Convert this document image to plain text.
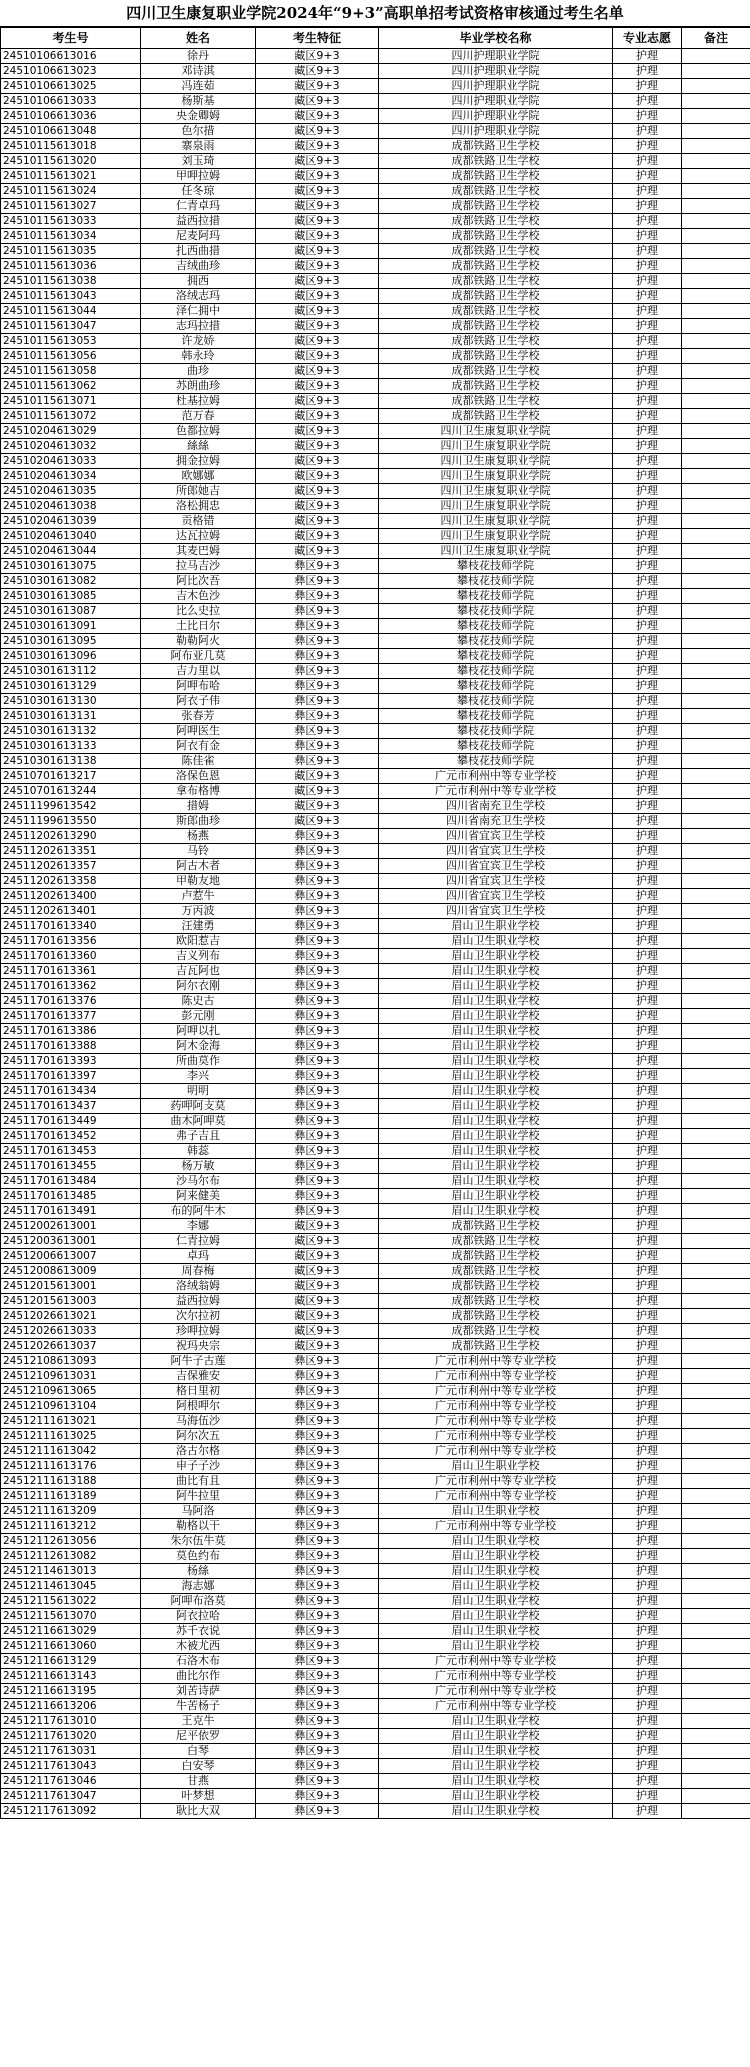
四川卫生康复职业学院2024年“9+3”高职单招考试资格审核通过考生名单
考生号	姓名	考生特征	毕业学校名称	专业志愿	备注
24510106613016	徐丹	藏区9+3	四川护理职业学院	护理	
24510106613023	邓诗淇	藏区9+3	四川护理职业学院	护理	
24510106613025	冯连茹	藏区9+3	四川护理职业学院	护理	
24510106613033	杨斯基	藏区9+3	四川护理职业学院	护理	
24510106613036	央金卿姆	藏区9+3	四川护理职业学院	护理	
24510106613048	色尔措	藏区9+3	四川护理职业学院	护理	
24510115613018	寨泉雨	藏区9+3	成都铁路卫生学校	护理	
24510115613020	刘玉琦	藏区9+3	成都铁路卫生学校	护理	
24510115613021	甲呷拉姆	藏区9+3	成都铁路卫生学校	护理	
24510115613024	任冬琼	藏区9+3	成都铁路卫生学校	护理	
24510115613027	仁青卓玛	藏区9+3	成都铁路卫生学校	护理	
24510115613033	益西拉措	藏区9+3	成都铁路卫生学校	护理	
24510115613034	尼麦阿玛	藏区9+3	成都铁路卫生学校	护理	
24510115613035	扎西曲措	藏区9+3	成都铁路卫生学校	护理	
24510115613036	吉绒曲珍	藏区9+3	成都铁路卫生学校	护理	
24510115613038	拥西	藏区9+3	成都铁路卫生学校	护理	
24510115613043	洛绒志玛	藏区9+3	成都铁路卫生学校	护理	
24510115613044	泽仁拥中	藏区9+3	成都铁路卫生学校	护理	
24510115613047	志玛拉措	藏区9+3	成都铁路卫生学校	护理	
24510115613053	许龙娇	藏区9+3	成都铁路卫生学校	护理	
24510115613056	韩永玲	藏区9+3	成都铁路卫生学校	护理	
24510115613058	曲珍	藏区9+3	成都铁路卫生学校	护理	
24510115613062	苏朗曲珍	藏区9+3	成都铁路卫生学校	护理	
24510115613071	杜基拉姆	藏区9+3	成都铁路卫生学校	护理	
24510115613072	范万春	藏区9+3	成都铁路卫生学校	护理	
24510204613029	色都拉姆	藏区9+3	四川卫生康复职业学院	护理	
24510204613032	絲絲	藏区9+3	四川卫生康复职业学院	护理	
24510204613033	拥金拉姆	藏区9+3	四川卫生康复职业学院	护理	
24510204613034	欧娜娜	藏区9+3	四川卫生康复职业学院	护理	
24510204613035	所郎她吉	藏区9+3	四川卫生康复职业学院	护理	
24510204613038	洛松拥忠	藏区9+3	四川卫生康复职业学院	护理	
24510204613039	贡格错	藏区9+3	四川卫生康复职业学院	护理	
24510204613040	达瓦拉姆	藏区9+3	四川卫生康复职业学院	护理	
24510204613044	其麦巴姆	藏区9+3	四川卫生康复职业学院	护理	
24510301613075	拉马吉沙	彝区9+3	攀枝花技师学院	护理	
24510301613082	阿比次吾	彝区9+3	攀枝花技师学院	护理	
24510301613085	吉木色沙	彝区9+3	攀枝花技师学院	护理	
24510301613087	比么史拉	彝区9+3	攀枝花技师学院	护理	
24510301613091	土比日尔	彝区9+3	攀枝花技师学院	护理	
24510301613095	勒勒阿火	彝区9+3	攀枝花技师学院	护理	
24510301613096	阿布亚几莫	彝区9+3	攀枝花技师学院	护理	
24510301613112	吉力里以	彝区9+3	攀枝花技师学院	护理	
24510301613129	阿呷布哈	彝区9+3	攀枝花技师学院	护理	
24510301613130	阿衣子伟	彝区9+3	攀枝花技师学院	护理	
24510301613131	张春芳	彝区9+3	攀枝花技师学院	护理	
24510301613132	阿呷医生	彝区9+3	攀枝花技师学院	护理	
24510301613133	阿衣有金	彝区9+3	攀枝花技师学院	护理	
24510301613138	陈佳雀	彝区9+3	攀枝花技师学院	护理	
24510701613217	洛保色恩	藏区9+3	广元市利州中等专业学校	护理	
24510701613244	拿布格博	藏区9+3	广元市利州中等专业学校	护理	
24511199613542	措姆	藏区9+3	四川省南充卫生学校	护理	
24511199613550	斯郎曲珍	藏区9+3	四川省南充卫生学校	护理	
24511202613290	杨燕	彝区9+3	四川省宜宾卫生学校	护理	
24511202613351	马铃	彝区9+3	四川省宜宾卫生学校	护理	
24511202613357	阿古木者	彝区9+3	四川省宜宾卫生学校	护理	
24511202613358	甲勒友地	彝区9+3	四川省宜宾卫生学校	护理	
24511202613400	卢惹牛	彝区9+3	四川省宜宾卫生学校	护理	
24511202613401	万丙波	彝区9+3	四川省宜宾卫生学校	护理	
24511701613340	汪建勇	彝区9+3	眉山卫生职业学校	护理	
24511701613356	欧阳惹吉	彝区9+3	眉山卫生职业学校	护理	
24511701613360	吉义列布	彝区9+3	眉山卫生职业学校	护理	
24511701613361	吉瓦阿也	彝区9+3	眉山卫生职业学校	护理	
24511701613362	阿尔衣刚	彝区9+3	眉山卫生职业学校	护理	
24511701613376	陈史古	彝区9+3	眉山卫生职业学校	护理	
24511701613377	彭元刚	彝区9+3	眉山卫生职业学校	护理	
24511701613386	阿呷以扎	彝区9+3	眉山卫生职业学校	护理	
24511701613388	阿木金海	彝区9+3	眉山卫生职业学校	护理	
24511701613393	所曲莫作	彝区9+3	眉山卫生职业学校	护理	
24511701613397	李兴	彝区9+3	眉山卫生职业学校	护理	
24511701613434	明明	彝区9+3	眉山卫生职业学校	护理	
24511701613437	药呷阿支莫	彝区9+3	眉山卫生职业学校	护理	
24511701613449	曲木阿呷莫	彝区9+3	眉山卫生职业学校	护理	
24511701613452	弗子吉且	彝区9+3	眉山卫生职业学校	护理	
24511701613453	韩蕊	彝区9+3	眉山卫生职业学校	护理	
24511701613455	杨万敏	彝区9+3	眉山卫生职业学校	护理	
24511701613484	沙马尔布	彝区9+3	眉山卫生职业学校	护理	
24511701613485	阿来健美	彝区9+3	眉山卫生职业学校	护理	
24511701613491	布的阿牛木	彝区9+3	眉山卫生职业学校	护理	
24512002613001	李娜	藏区9+3	成都铁路卫生学校	护理	
24512003613001	仁青拉姆	藏区9+3	成都铁路卫生学校	护理	
24512006613007	卓玛	藏区9+3	成都铁路卫生学校	护理	
24512008613009	周春梅	藏区9+3	成都铁路卫生学校	护理	
24512015613001	洛绒翁姆	藏区9+3	成都铁路卫生学校	护理	
24512015613003	益西拉姆	藏区9+3	成都铁路卫生学校	护理	
24512026613021	次尔拉初	藏区9+3	成都铁路卫生学校	护理	
24512026613033	珍呷拉姆	藏区9+3	成都铁路卫生学校	护理	
24512026613037	祝玛央宗	藏区9+3	成都铁路卫生学校	护理	
24512108613093	阿牛子古莲	彝区9+3	广元市利州中等专业学校	护理	
24512109613031	吉保雅安	彝区9+3	广元市利州中等专业学校	护理	
24512109613065	格日里初	彝区9+3	广元市利州中等专业学校	护理	
24512109613104	阿根呷尔	彝区9+3	广元市利州中等专业学校	护理	
24512111613021	马海伍沙	彝区9+3	广元市利州中等专业学校	护理	
24512111613025	阿尔次五	彝区9+3	广元市利州中等专业学校	护理	
24512111613042	洛古尔格	彝区9+3	广元市利州中等专业学校	护理	
24512111613176	申子子沙	彝区9+3	眉山卫生职业学校	护理	
24512111613188	曲比有且	彝区9+3	广元市利州中等专业学校	护理	
24512111613189	阿牛拉里	彝区9+3	广元市利州中等专业学校	护理	
24512111613209	马阿洛	彝区9+3	眉山卫生职业学校	护理	
24512111613212	勒格以干	彝区9+3	广元市利州中等专业学校	护理	
24512112613056	朱尔伍牛莫	彝区9+3	眉山卫生职业学校	护理	
24512112613082	莫色约布	彝区9+3	眉山卫生职业学校	护理	
24512114613013	杨絲	彝区9+3	眉山卫生职业学校	护理	
24512114613045	海志娜	彝区9+3	眉山卫生职业学校	护理	
24512115613022	阿呷布洛莫	彝区9+3	眉山卫生职业学校	护理	
24512115613070	阿衣拉哈	彝区9+3	眉山卫生职业学校	护理	
24512116613029	苏千衣说	彝区9+3	眉山卫生职业学校	护理	
24512116613060	木被尤西	彝区9+3	眉山卫生职业学校	护理	
24512116613129	石洛木布	彝区9+3	广元市利州中等专业学校	护理	
24512116613143	曲比尔作	彝区9+3	广元市利州中等专业学校	护理	
24512116613195	刘苦诗萨	彝区9+3	广元市利州中等专业学校	护理	
24512116613206	牛苦杨子	彝区9+3	广元市利州中等专业学校	护理	
24512117613010	王克牛	彝区9+3	眉山卫生职业学校	护理	
24512117613020	尼平依罗	彝区9+3	眉山卫生职业学校	护理	
24512117613031	白琴	彝区9+3	眉山卫生职业学校	护理	
24512117613043	白安琴	彝区9+3	眉山卫生职业学校	护理	
24512117613046	甘燕	彝区9+3	眉山卫生职业学校	护理	
24512117613047	叶梦想	彝区9+3	眉山卫生职业学校	护理	
24512117613092	耿比大双	彝区9+3	眉山卫生职业学校	护理	
